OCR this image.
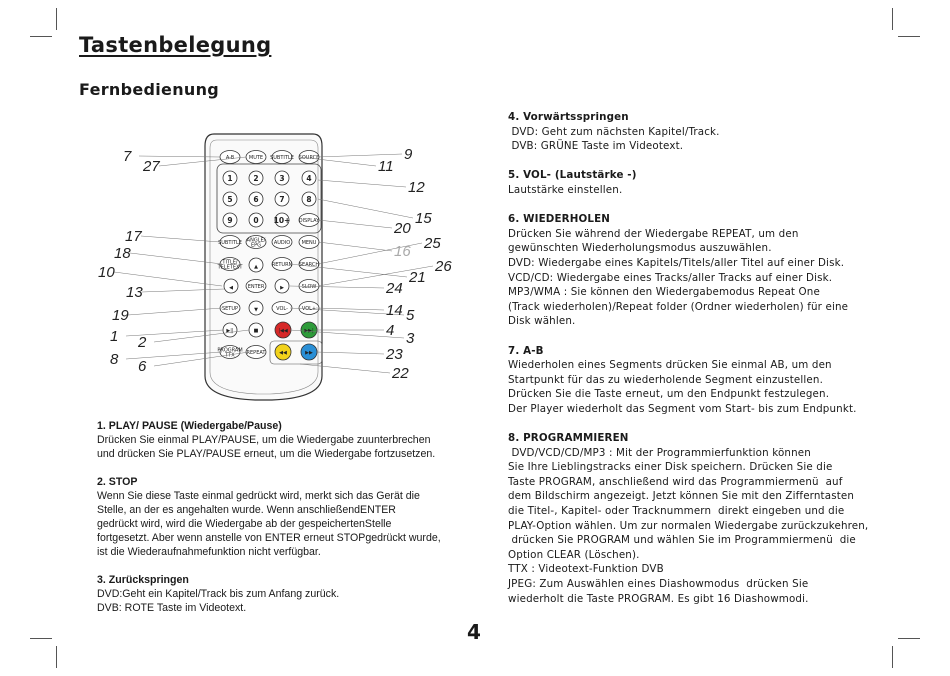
Tastenbelegung
Fernbedienung
A-B	MUTE SUBTITLE SOURCE
1	2	3	4
5	6	7	8
9	0 10+ DISPLAY
SUBTITLE ANGLE/
EPG	AUDIO MENU
TITLE/
TELETEXT	SEARCH
RETURN
SLOW
SETUP	VOL-	VOL+
▲
◀	▶
▼
ENTER
▶||	■	|◀◀	▶▶|
PROGRAM
TTX REPEAT	◀◀	▶▶
7
27
17
18
10
13
19
1 2
8 6
9
11
12
15
20
16 25
26
21
24
14 5
4 3
23
22

1. PLAY/ PAUSE (Wiedergabe/Pause)
Drücken Sie einmal PLAY/PAUSE, um die Wiedergabe zuunterbrechen
und drücken Sie PLAY/PAUSE erneut, um die Wiedergabe fortzusetzen.

2. STOP
Wenn Sie diese Taste einmal gedrückt wird, merkt sich das Gerät die
Stelle, an der es angehalten wurde. Wenn anschließendENTER
gedrückt wird, wird die Wiedergabe ab der gespeichertenStelle
fortgesetzt. Aber wenn anstelle von ENTER erneut STOPgedrückt wurde,
ist die Wiederaufnahmefunktion nicht verfügbar.

3. Zurückspringen
DVD:Geht ein Kapitel/Track bis zum Anfang zurück.
DVB: ROTE Taste im Videotext.

4. Vorwärtsspringen
DVD: Geht zum nächsten Kapitel/Track.
DVB: GRÜNE Taste im Videotext.

5. VOL- (Lautstärke -)
Lautstärke einstellen.

6. WIEDERHOLEN
Drücken Sie während der Wiedergabe REPEAT, um den
gewünschten Wiederholungsmodus auszuwählen.
DVD: Wiedergabe eines Kapitels/Titels/aller Titel auf einer Disk.
VCD/CD: Wiedergabe eines Tracks/aller Tracks auf einer Disk.
MP3/WMA : Sie können den Wiedergabemodus Repeat One
(Track wiederholen)/Repeat folder (Ordner wiederholen) für eine
Disk wählen.

7. A-B
Wiederholen eines Segments drücken Sie einmal AB, um den
Startpunkt für das zu wiederholende Segment einzustellen.
Drücken Sie die Taste erneut, um den Endpunkt festzulegen.
Der Player wiederholt das Segment vom Start- bis zum Endpunkt.

8. PROGRAMMIEREN
DVD/VCD/CD/MP3 : Mit der Programmierfunktion können
Sie Ihre Lieblingstracks einer Disk speichern. Drücken Sie die
Taste PROGRAM, anschließend wird das Programmiermenü  auf
dem Bildschirm angezeigt. Jetzt können Sie mit den Zifferntasten
die Titel-, Kapitel- oder Tracknummern  direkt eingeben und die
PLAY-Option wählen. Um zur normalen Wiedergabe zurückzukehren,
drücken Sie PROGRAM und wählen Sie im Programmiermenü  die
Option CLEAR (Löschen).
TTX : Videotext-Funktion DVB
JPEG: Zum Auswählen eines Diashowmodus  drücken Sie
wiederholt die Taste PROGRAM. Es gibt 16 Diashowmodi.

4
